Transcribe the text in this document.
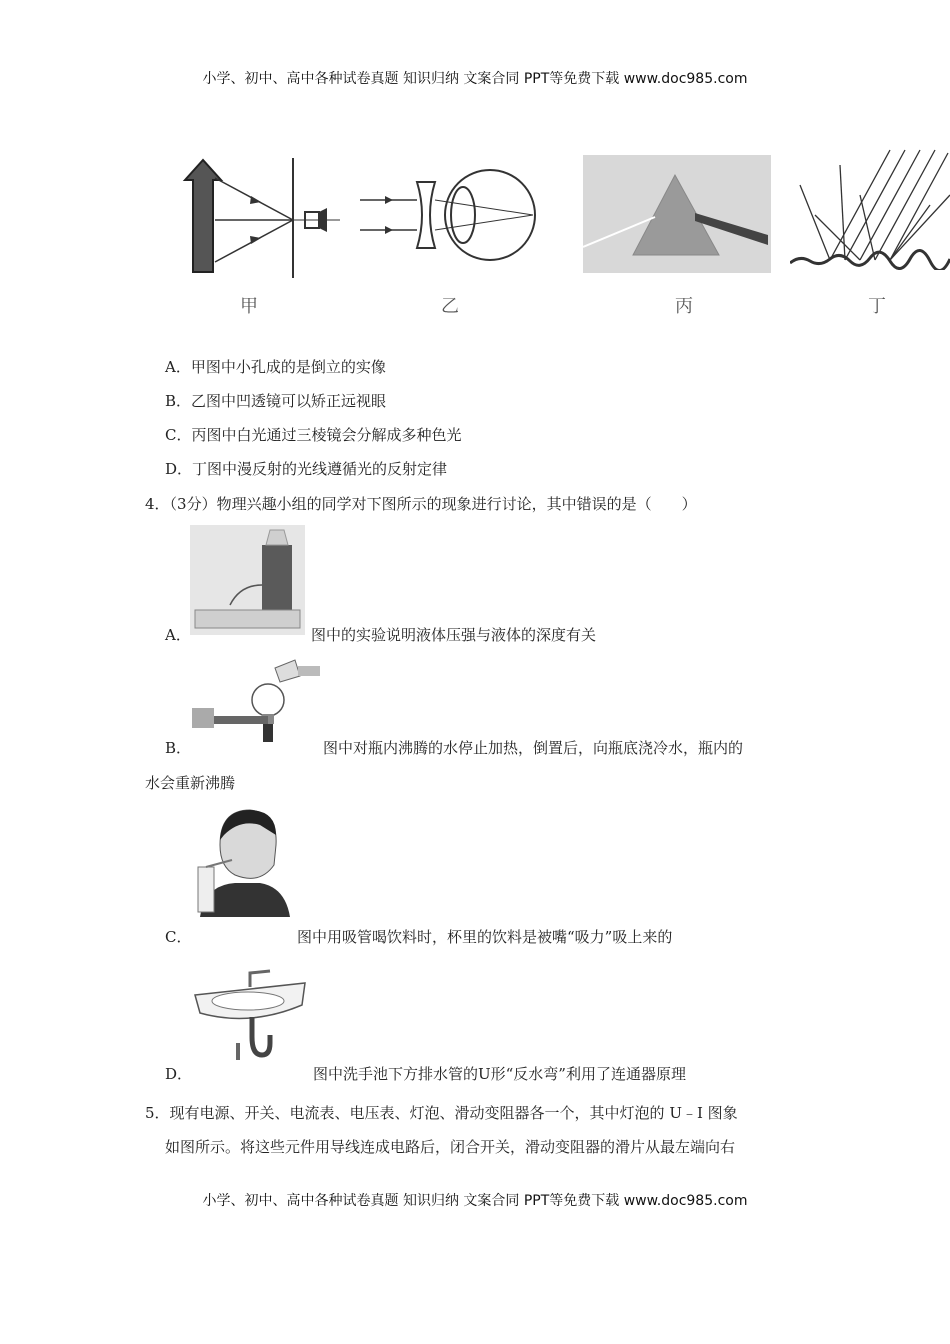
小学、初中、高中各种试卷真题 知识归纳 文案合同 PPT等免费下载 www.doc985.com
甲	乙	丙	丁
A．甲图中小孔成的是倒立的实像
B．乙图中凹透镜可以矫正远视眼
C．丙图中白光通过三棱镜会分解成多种色光
D．丁图中漫反射的光线遵循光的反射定律
4．（3分）物理兴趣小组的同学对下图所示的现象进行讨论，其中错误的是（　　）
A．	图中的实验说明液体压强与液体的深度有关
B．	图中对瓶内沸腾的水停止加热，倒置后，向瓶底浇冷水，瓶内的
水会重新沸腾
C．	图中用吸管喝饮料时，杯里的饮料是被嘴“吸力”吸上来的
D．	图中洗手池下方排水管的U形“反水弯”利用了连通器原理
5．现有电源、开关、电流表、电压表、灯泡、滑动变阻器各一个，其中灯泡的 U﹣I 图象
如图所示。将这些元件用导线连成电路后，闭合开关，滑动变阻器的滑片从最左端向右
小学、初中、高中各种试卷真题 知识归纳 文案合同 PPT等免费下载 www.doc985.com
